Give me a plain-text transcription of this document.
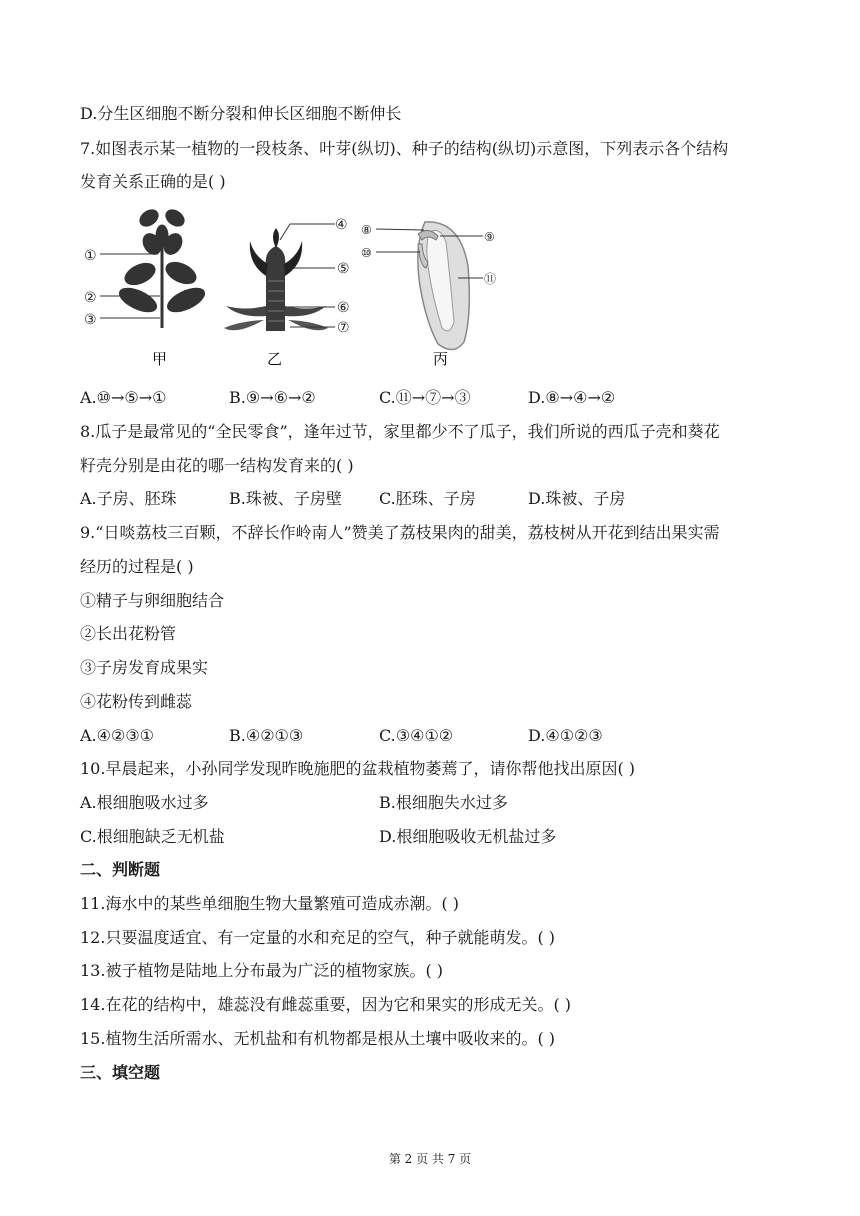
D.分生区细胞不断分裂和伸长区细胞不断伸长
7.如图表示某一植物的一段枝条、叶芽(纵切)、种子的结构(纵切)示意图，下列表示各个结构
发育关系正确的是( )
①
②
③
甲
④
⑤
⑥
⑦
乙
⑧
⑩
⑨
⑪
丙
A.⑩→⑤→①	B.⑨→⑥→②	C.⑪→⑦→③	D.⑧→④→②
8.瓜子是最常见的“全民零食”，逢年过节，家里都少不了瓜子，我们所说的西瓜子壳和葵花
籽壳分别是由花的哪一结构发育来的( )
A.子房、胚珠	B.珠被、子房壁 C.胚珠、子房	D.珠被、子房
9.“日啖荔枝三百颗，不辞长作岭南人”赞美了荔枝果肉的甜美，荔枝树从开花到结出果实需
经历的过程是( )
①精子与卵细胞结合
②长出花粉管
③子房发育成果实
④花粉传到雌蕊
A.④②③①	B.④②①③	C.③④①②	D.④①②③
10.早晨起来，小孙同学发现昨晚施肥的盆栽植物萎蔫了，请你帮他找出原因( )
A.根细胞吸水过多	B.根细胞失水过多
C.根细胞缺乏无机盐	D.根细胞吸收无机盐过多
二、判断题
11.海水中的某些单细胞生物大量繁殖可造成赤潮。( )
12.只要温度适宜、有一定量的水和充足的空气，种子就能萌发。( )
13.被子植物是陆地上分布最为广泛的植物家族。( )
14.在花的结构中，雄蕊没有雌蕊重要，因为它和果实的形成无关。( )
15.植物生活所需水、无机盐和有机物都是根从土壤中吸收来的。( )
三、填空题
第 2 页 共 7 页
